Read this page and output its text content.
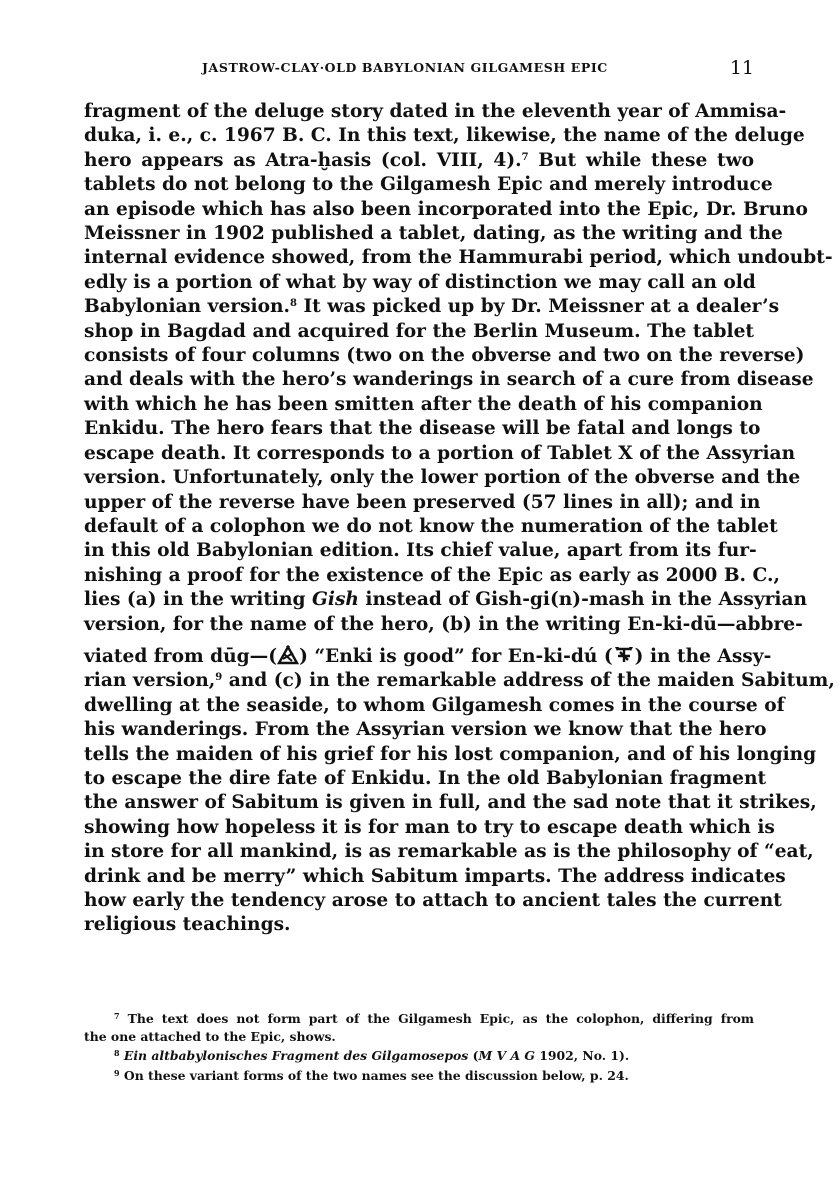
JASTROW-CLAY·OLD BABYLONIAN GILGAMESH EPIC	11
fragment of the deluge story dated in the eleventh year of Ammisa-
duka, i. e., c. 1967 B. C. In this text, likewise, the name of the deluge
hero appears as Atra-ḫasis (col. VIII, 4).$^7$ But while these two
tablets do not belong to the Gilgamesh Epic and merely introduce
an episode which has also been incorporated into the Epic, Dr. Bruno
Meissner in 1902 published a tablet, dating, as the writing and the
internal evidence showed, from the Hammurabi period, which undoubt-
edly is a portion of what by way of distinction we may call an old
Babylonian version.$^8$ It was picked up by Dr. Meissner at a dealer’s
shop in Bagdad and acquired for the Berlin Museum. The tablet
consists of four columns (two on the obverse and two on the reverse)
and deals with the hero’s wanderings in search of a cure from disease
with which he has been smitten after the death of his companion
Enkidu. The hero fears that the disease will be fatal and longs to
escape death. It corresponds to a portion of Tablet X of the Assyrian
version. Unfortunately, only the lower portion of the obverse and the
upper of the reverse have been preserved (57 lines in all); and in
default of a colophon we do not know the numeration of the tablet
in this old Babylonian edition. Its chief value, apart from its fur-
nishing a proof for the existence of the Epic as early as 2000 B. C.,
lies (a) in the writing Gish instead of Gish-gi(n)-mash in the Assyrian
version, for the name of the hero, (b) in the writing En-ki-dū—abbre-
viated from dūg—( ) “Enki is good” for En-ki-dú ( ) in the Assy-
rian version,$^9$ and (c) in the remarkable address of the maiden Sabitum,
dwelling at the seaside, to whom Gilgamesh comes in the course of
his wanderings. From the Assyrian version we know that the hero
tells the maiden of his grief for his lost companion, and of his longing
to escape the dire fate of Enkidu. In the old Babylonian fragment
the answer of Sabitum is given in full, and the sad note that it strikes,
showing how hopeless it is for man to try to escape death which is
in store for all mankind, is as remarkable as is the philosophy of “eat,
drink and be merry” which Sabitum imparts. The address indicates
how early the tendency arose to attach to ancient tales the current
religious teachings.
$^7$ The text does not form part of the Gilgamesh Epic, as the colophon, differing from
the one attached to the Epic, shows.
$^8$ Ein altbabylonisches Fragment des Gilgamosepos (M V A G 1902, No. 1).
$^9$ On these variant forms of the two names see the discussion below, p. 24.
